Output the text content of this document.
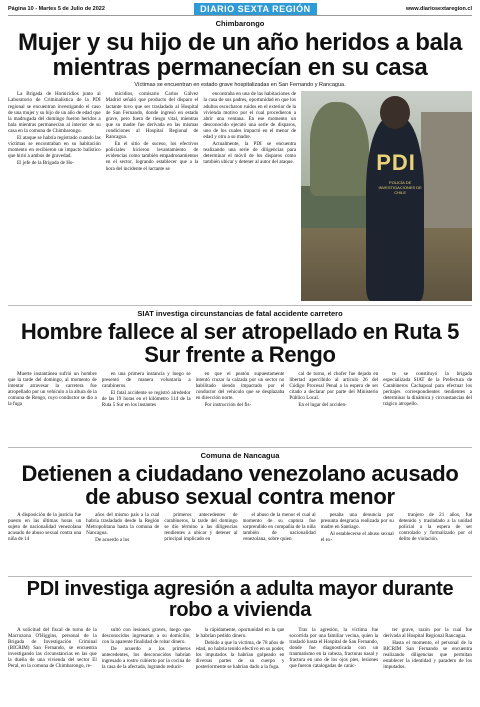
Página 10 - Martes 5 de Julio de 2022	DIARIO SEXTA REGIÓN	www.diariosextaregion.cl
Chimbarongo
Mujer y su hijo de un año heridos a bala mientras permanecían en su casa
Víctimas se encuentran en estado grave hospitalizadas en San Fernando y Rancagua.

La Brigada de Homicidios junto al Laboratorio de Criminalística de la PDI regional se encuentran investigando el caso de una mujer y su hijo de un año de edad que la madrugada del domingo fueron heridos a bala mientras permanecían al interior de su casa en la comuna de Chimbarongo.

El ataque se habría registrado cuando las víctimas se encontraban en su habitación momento en recibieron un impacto balístico que hirió a ambos de gravedad.

El jefe de la Brigada de Ho-

micidios, comisario Carlos Gálvez Madrid señaló que producto del disparo el lactante tuvo que ser trasladado al Hospital de San Fernando, donde ingresó en estado grave, pero fuera de riesgo vital, mientras que su madre fue derivada en las mismas condiciones al Hospital Regional de Rancagua.

En el sitio de suceso, los efectivos policiales hicieron levantamiento de evidencias como también empadronamientos en el sector, logrando establecer que a la hora del incidente el lactante se

encontraba en una de las habitaciones de la casa de sus padres, oportunidad en que los adultos escucharon ruidos en el exterior de la vivienda motivo por el cual procedieron a abrir una ventana. En ese momento un desconocido ejecutó una serie de disparos, uno de los cuales impactó en el menor de edad y otro a su madre.

Actualmente, la PDI se encuentra realizando una serie de diligencias para determinar el móvil de los disparos como también ubicar y detener al autor del ataque.	PDI
POLICÍA DE INVESTIGACIONES DE CHILE
SIAT investiga circunstancias de fatal accidente carretero
Hombre fallece al ser atropellado en Ruta 5 Sur frente a Rengo

Muerte instantánea sufrió un hombre que la tarde del domingo, al momento de intentar atravesar la carretera fue atropellado por un vehículo a la altura de la comuna de Rengo, cuyo conductor se dio a la fuga

en una primera instancia y luego se presentó de manera voluntaria a carabineros.

El fatal accidente se registró alrededor de las 19 horas en el kilómetro 114 de la Ruta 5 Sur en los instantes

en que el peatón supuestamente intentó cruzar la calzada por un sector no habilitado siendo impactado por el conductor del vehículo que se desplazaba en dirección norte.

Por instrucción del fis-

cal de turno, el chofer fue dejado en libertad apercibido al artículo 26 del Código Procesal Penal a la espera de ser citado a declarar por parte del Ministerio Público Local.

En el lugar del acciden-

te se constituyó la brigada especializada SIAT de la Prefectura de Carabineros Cachapoal para efectuar los peritajes correspondientes tendientes a determinar la dinámica y circunstancias del trágico atropello.

Comuna de Nancagua
Detienen a ciudadano venezolano acusado de abuso sexual contra menor

A disposición de la justicia fue puesto en las últimas horas un sujeto de nacionalidad venezolana acusado de abuso sexual contra una niña de 14

años del mismo país a la cual habría trasladado desde la Región Metropolitana hasta la comuna de Nancagua.

De acuerdo a los

primeros antecedentes de carabineros, la tarde del domingo se dio término a las diligencias tendientes a ubicar y detener al principal implicado en

el abuso de la menor el cual al momento de su captura fue sorprendido en compañía de la niña también de nacionalidad venezolana, sobre quien

pesaba una denuncia por presunta desgracia realizada por su madre en Santiago.

Al establecerse el abuso sexual el ex-

tranjero de 21 años, fue detenido y trasladado a la unidad policial a la espera de ser controlado y formalizado por el delito de violación.

PDI investiga agresión a adulta mayor durante robo a vivienda

A solicitud del fiscal de turno de la Macrozona O'Higgins, personal de la Brigada de Investigación Criminal (BICRIM) San Fernando, se encuentra investigando las circunstancias en las que la dueña de una vivienda del sector El Peral, en la comuna de Chimbarongo, re-

sultó con lesiones graves, luego que desconocidos ingresaran a su domicilio, con la aparente finalidad de robar dinero.

De acuerdo a los primeros antecedentes, los desconocidos habrían ingresado a rostro cubierto por la cocina de la casa de la afectada, logrando reducir-

la rápidamente, oportunidad en la que le habrían pedido dinero.

Debido a que la víctima, de 78 años de edad, no habría tenido efectivo en su poder, los imputados la habrían golpeado en diversas partes de su cuerpo y posteriormente se habrían dado a la fuga.

Tras la agresión, la víctima fue socorrida por una familiar vecina, quien la trasladó hasta el Hospital de San Fernando, donde fue diagnosticada con un traumatismo en la cabeza, fracturas nasal y fractura en uno de los ojos pies, lesiones que fueron catalogadas de carác-

ter grave, razón por la cual fue derivada al Hospital Regional Rancagua.

Hasta el momento, el personal de la BICRIM San Fernando se encuentra realizando diligencias que permitan establecer la identidad y paradero de los imputados.
